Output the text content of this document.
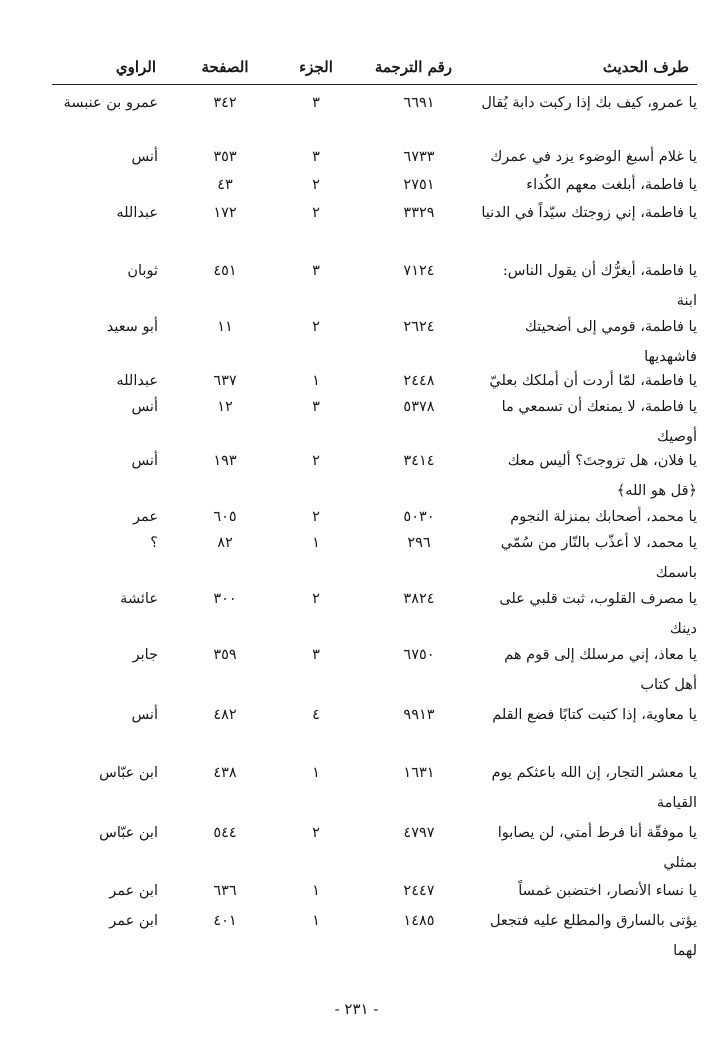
طرف الحديث
رقم الترجمة
الجزء
الصفحة
الراوي
يا عمرو، كيف بك إذا ركبت دابة يُقال
٦٦٩١
٣
٣٤٢
عمرو بن عنبسة
يا غلام أسبغ الوضوء يزد في عمرك
٦٧٣٣
٣
٣٥٣
أنس
يا فاطمة، أبلغت معهم الكُداء
٢٧٥١
٢
٤٣
يا فاطمة، إني زوجتك سيّداً في الدنيا
٣٣٢٩
٢
١٧٢
عبدالله
يا فاطمة، أيغرُّك أن يقول الناس: ابنة
٧١٢٤
٣
٤٥١
ثوبان
يا فاطمة، قومي إلى أضحيتك فاشهديها
٢٦٢٤
٢
١١
أبو سعيد
يا فاطمة، لمّا أردت أن أملكك بعليّ
٢٤٤٨
١
٦٣٧
عبدالله
يا فاطمة، لا يمنعك أن تسمعي ما أوصيك
٥٣٧٨
٣
١٢
أنس
يا فلان، هل تزوجتَ؟ أليس معك ﴿قل هو الله﴾
٣٤١٤
٢
١٩٣
أنس
يا محمد، أصحابك بمنزلة النجوم
٥٠٣٠
٢
٦٠٥
عمر
يا محمد، لا أعذّب بالنّار من سُمّي باسمك
٢٩٦
١
٨٢
؟
يا مصرف القلوب، ثبت قلبي على دينك
٣٨٢٤
٢
٣٠٠
عائشة
يا معاذ، إني مرسلك إلى قوم هم أهل كتاب
٦٧٥٠
٣
٣٥٩
جابر
يا معاوية، إذا كتبت كتابًا فضع القلم
٩٩١٣
٤
٤٨٢
أنس
يا معشر التجار، إن الله باعثكم يوم القيامة
١٦٣١
١
٤٣٨
ابن عبّاس
يا موفقّة أنا فرط أمتي، لن يصابوا بمثلي
٤٧٩٧
٢
٥٤٤
ابن عبّاس
يا نساء الأنصار، اختضبن غمساً
٢٤٤٧
١
٦٣٦
ابن عمر
يؤتى بالسارق والمطلع عليه فتجعل لهما
١٤٨٥
١
٤٠١
ابن عمر
- ٢٣١ -
